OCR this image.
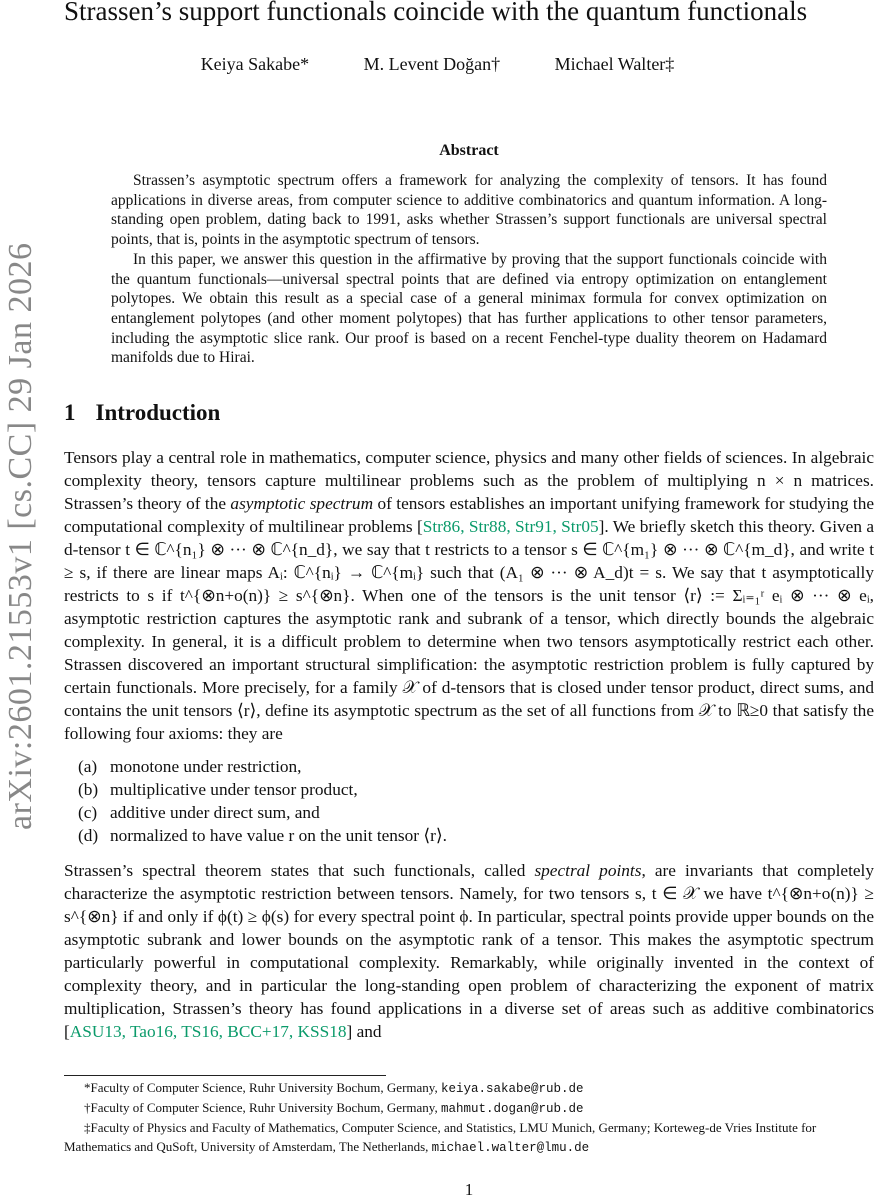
arXiv:2601.21553v1 [cs.CC] 29 Jan 2026
Strassen’s support functionals coincide with the quantum functionals
Keiya Sakabe*	M. Levent Doğan†	Michael Walter‡
Abstract

Strassen’s asymptotic spectrum offers a framework for analyzing the complexity of tensors. It has found applications in diverse areas, from computer science to additive combinatorics and quantum information. A long-standing open problem, dating back to 1991, asks whether Strassen’s support functionals are universal spectral points, that is, points in the asymptotic spectrum of tensors.

In this paper, we answer this question in the affirmative by proving that the support functionals coincide with the quantum functionals—universal spectral points that are defined via entropy optimization on entanglement polytopes. We obtain this result as a special case of a general minimax formula for convex optimization on entanglement polytopes (and other moment polytopes) that has further applications to other tensor parameters, including the asymptotic slice rank. Our proof is based on a recent Fenchel-type duality theorem on Hadamard manifolds due to Hirai.

1 Introduction

Tensors play a central role in mathematics, computer science, physics and many other fields of sciences. In algebraic complexity theory, tensors capture multilinear problems such as the problem of multiplying n × n matrices. Strassen’s theory of the asymptotic spectrum of tensors establishes an important unifying framework for studying the computational complexity of multilinear problems [Str86, Str88, Str91, Str05]. We briefly sketch this theory. Given a d-tensor t ∈ ℂ^{n₁} ⊗ ··· ⊗ ℂ^{n_d}, we say that t restricts to a tensor s ∈ ℂ^{m₁} ⊗ ··· ⊗ ℂ^{m_d}, and write t ≥ s, if there are linear maps Aᵢ: ℂ^{nᵢ} → ℂ^{mᵢ} such that (A₁ ⊗ ··· ⊗ A_d)t = s. We say that t asymptotically restricts to s if t^{⊗n+o(n)} ≥ s^{⊗n}. When one of the tensors is the unit tensor ⟨r⟩ := Σᵢ₌₁ʳ eᵢ ⊗ ··· ⊗ eᵢ, asymptotic restriction captures the asymptotic rank and subrank of a tensor, which directly bounds the algebraic complexity. In general, it is a difficult problem to determine when two tensors asymptotically restrict each other. Strassen discovered an important structural simplification: the asymptotic restriction problem is fully captured by certain functionals. More precisely, for a family 𝒳 of d-tensors that is closed under tensor product, direct sums, and contains the unit tensors ⟨r⟩, define its asymptotic spectrum as the set of all functions from 𝒳 to ℝ≥0 that satisfy the following four axioms: they are

(a) monotone under restriction,
(b) multiplicative under tensor product,
(c) additive under direct sum, and
(d) normalized to have value r on the unit tensor ⟨r⟩.

Strassen’s spectral theorem states that such functionals, called spectral points, are invariants that completely characterize the asymptotic restriction between tensors. Namely, for two tensors s, t ∈ 𝒳 we have t^{⊗n+o(n)} ≥ s^{⊗n} if and only if ϕ(t) ≥ ϕ(s) for every spectral point ϕ. In particular, spectral points provide upper bounds on the asymptotic subrank and lower bounds on the asymptotic rank of a tensor. This makes the asymptotic spectrum particularly powerful in computational complexity. Remarkably, while originally invented in the context of complexity theory, and in particular the long-standing open problem of characterizing the exponent of matrix multiplication, Strassen’s theory has found applications in a diverse set of areas such as additive combinatorics [ASU13, Tao16, TS16, BCC+17, KSS18] and

*Faculty of Computer Science, Ruhr University Bochum, Germany, keiya.sakabe@rub.de
†Faculty of Computer Science, Ruhr University Bochum, Germany, mahmut.dogan@rub.de
‡Faculty of Physics and Faculty of Mathematics, Computer Science, and Statistics, LMU Munich, Germany; Korteweg-de Vries Institute for Mathematics and QuSoft, University of Amsterdam, The Netherlands, michael.walter@lmu.de
1
